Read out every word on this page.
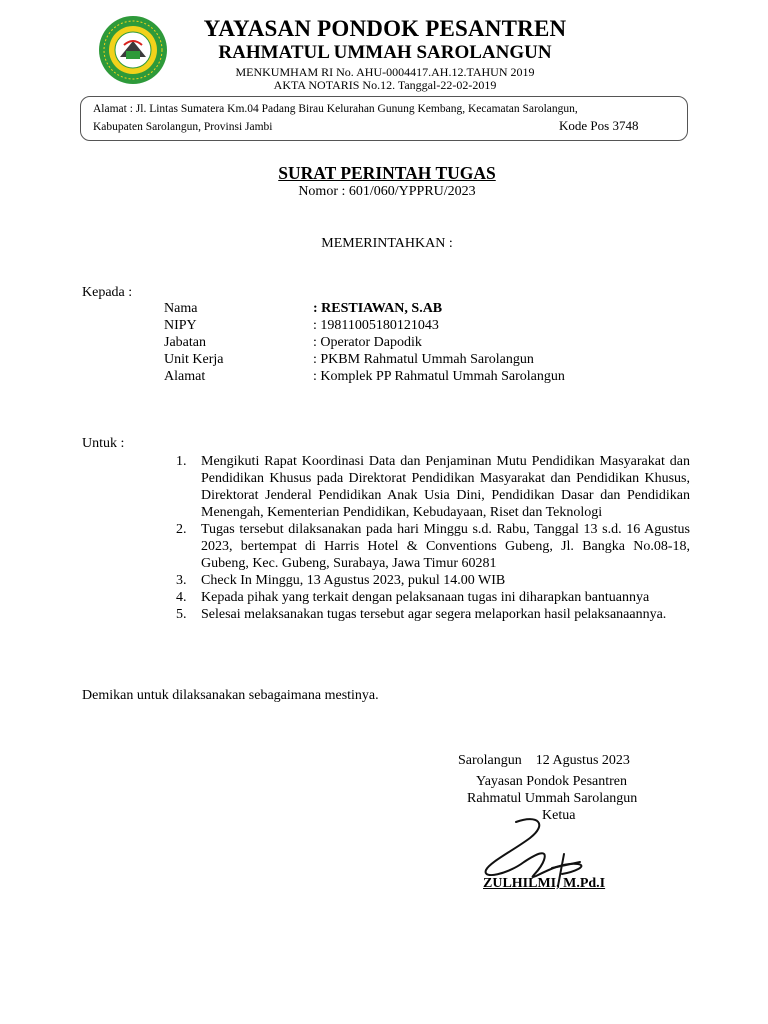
YAYASAN PONDOK PESANTREN
RAHMATUL UMMAH SAROLANGUN
MENKUMHAM RI No. AHU-0004417.AH.12.TAHUN 2019
AKTA NOTARIS No.12. Tanggal-22-02-2019
Alamat : Jl. Lintas Sumatera Km.04 Padang Birau Kelurahan Gunung Kembang, Kecamatan Sarolangun,
Kabupaten Sarolangun, Provinsi Jambi	Kode Pos 3748
SURAT PERINTAH TUGAS
Nomor : 601/060/YPPRU/2023
MEMERINTAHKAN :
Kepada :
Nama	: RESTIAWAN, S.AB
NIPY	: 19811005180121043
Jabatan	: Operator Dapodik
Unit Kerja	: PKBM Rahmatul Ummah Sarolangun
Alamat	: Komplek PP Rahmatul Ummah Sarolangun
Untuk :
1.	Mengikuti Rapat Koordinasi Data dan Penjaminan Mutu Pendidikan Masyarakat dan Pendidikan Khusus pada Direktorat Pendidikan Masyarakat dan Pendidikan Khusus, Direktorat Jenderal Pendidikan Anak Usia Dini, Pendidikan Dasar dan Pendidikan Menengah, Kementerian Pendidikan, Kebudayaan, Riset dan Teknologi
2.	Tugas tersebut dilaksanakan pada hari Minggu s.d. Rabu, Tanggal 13 s.d. 16 Agustus 2023, bertempat di Harris Hotel & Conventions Gubeng, Jl. Bangka No.08-18, Gubeng, Kec. Gubeng, Surabaya, Jawa Timur 60281
3.	Check In Minggu, 13 Agustus 2023, pukul 14.00 WIB
4.	Kepada pihak yang terkait dengan pelaksanaan tugas ini diharapkan bantuannya
5.	Selesai melaksanakan tugas tersebut agar segera melaporkan hasil pelaksanaannya.
Demikan untuk dilaksanakan sebagaimana mestinya.
Sarolangun    12 Agustus 2023
Yayasan Pondok Pesantren
Rahmatul Ummah Sarolangun
Ketua
ZULHILMI, M.Pd.I
